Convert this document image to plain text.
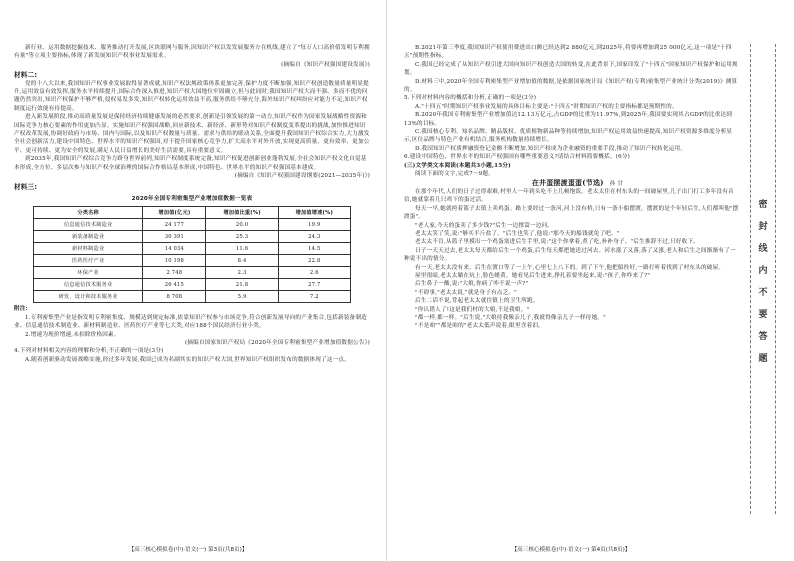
新行业、运用数据挖掘技术、服务推动打开发展,区块联网与服务,因知识产权以发发展服务方在机线,建立了"每万人口高价值发明专利拥有量"等立项主要指标,体现了新发展知识产权事业发展需求。

(摘编自《知识产权强国建设发展》)

材料二:

党的十八大以来,我国知识产权事业发展取得显著成就,知识产权法规政策体系更加完善,保护力度不断加强,知识产权创造数量质量明显提升,运用效益有效发挥,服务水平持续提升,国际合作深入推进,知识产权大国地位牢固确立,但与此同时,我国知识产权大而不强、多而不优的问题仍然突出,知识产权保护不够严格,侵权易发多发,知识产权转化运用效益不高,服务供给不够充分,海外知识产权纠纷应对能力不足,知识产权制度运行效能有待提高。

进入新发展阶段,推动高质量发展是保持经济持续健康发展的必然要求,创新是引领发展的第一动力,知识产权作为国家发展战略性资源和国际竞争力核心要素的作用更加凸显。实施知识产权强国战略,回应新技术、新经济、新形势对知识产权制度变革提出的挑战,加快推进知识产权改革发展,协调好政府与市场、国内与国际,以及知识产权数量与质量、需求与供给的联动关系,全面提升我国知识产权综合实力,大力激发全社会创新活力,建设中国特色、世界水平的知识产权强国,对于提升国家核心竞争力,扩大高水平对外开放,实现更高质量、更有效率、更加公平、更可持续、更为安全的发展,满足人民日益增长的美好生活需要,具有重要意义。

到2035年,我国知识产权综合竞争力跻身世界前列,知识产权制度系统完备,知识产权促进创新创业蓬勃发展,全社会知识产权文化自觉基本形成,全方位、多层次参与知识产权全球治理的国际合作格局基本形成,中国特色、世界水平的知识产权强国基本建成。

(摘编自《知识产权强国建设纲要(2021—2035年)》)

材料三:

2020年全国专利密集型产业增加值数据一览表

分类名称	增加值(亿元)	增加值比重(%)	增加值增速(%)
信息通信技术制造业	24 177	20.0	19.9
新装备制造业	30 391	25.3	24.3
新材料制造业	14 034	11.6	14.5
医药医疗产业	10 198	8.4	22.8
环保产业	2 748	2.3	2.6
信息通信技术服务业	26 415	21.8	27.7
研发、设计和技术服务业	8 708	5.9	7.2

附注:

1.专利密集型产业是指发明专利密集度、规模达到规定标准,依靠知识产权参与市场竞争,符合创新发展导向的产业集合,包括新装备制造业、信息通信技术制造业、新材料制造业、医药医疗产业等七大类,对应188个国民经济行业小类。

2.增速为现价增速,未扣除价格因素。

(摘编自国家知识产权局《2020年全国专利密集型产业增加值数据公告》)

4.下列对材料相关内容的理解和分析,不正确的一项是(3分)

A.随着创新驱动发展战略实施,经过多年发展,我国已成为名副其实的知识产权大国,世界知识产权组织发布的数据体现了这一点。

【高三核心模拟卷(中)·语文(一) 第3页(共8页)】

B.2021年第三季度,我国知识产权使用费进出口额已经达到2 880亿元,到2025年,将要再增加到25 000亿元,这一项是"十四五"预期性指标。

C.我国已经完成了从知识产权引进大国向知识产权创造大国的转变,在此背景下,国家印发了"十四五"国家知识产权保护和运用规划。

D.材料三中,2020年全国专利密集型产业增加值的数据,是依据国家统计局《知识产权(专利)密集型产业统计分类(2019)》测算的。

5.下列对材料内容的概括和分析,正确的一项是(3分)

A."十四五"时期知识产权事业发展的具体目标主要是:"十四五"时期知识产权的主要指标都是预期性的。

B.2020年我国专利密集型产业增加值达12.13万亿元,占GDP的比重为11.97%,到2025年,我国要实现其占GDP的比重达到13%的目标。

C.我国核心专利、知名品牌、精品版权、优质植物新品种等持续增加,知识产权运用效益快速提高,知识产权资源多维度分析显示,区位品牌与特色产业有机结合,服务机构数量持续增长。

D.我国知识产权质押融资登记金额不断增加,知识产权成为企业融资的重要手段,推动了知识产权转化运用。

6.建设中国特色、世界水平的知识产权强国有哪些重要意义?请结合材料简要概括。(6分)

(三)文学类文本阅读(本题共3小题,15分)

阅读下面的文字,完成7～9题。

在井蛋摆渡蛋蛋(节选) 孙 甘

在那个年代,人们的日子过得艰难,村里人一年到头吃不上几顿饱饭。老太太住在村东头的一间破屋里,儿子出门打工多年没有音信,她就靠着几只鸡下的蛋过活。

每天一早,她就挎着篮子去镇上卖鸡蛋。路上要经过一条河,河上没有桥,只有一条小船摆渡。摆渡的是个年轻后生,人们都叫他"摆渡蛋"。

"老人家,今天的蛋卖了多少钱?"后生一边撑篙一边问。

老太太笑了笑,说:"够买半斤盐了。"后生也笑了,他说:"那今天的船钱就免了吧。"

老太太不肯,从篮子里摸出一个鸡蛋塞进后生手里,说:"这个你拿着,煮了吃,补补身子。"后生推辞不过,只好收下。

日子一天天过去,老太太每天都给后生一个鸡蛋,后生每天都把她送过河去。河水涨了又落,落了又涨,老人和后生之间渐渐有了一种说不出的情分。

有一天,老太太没有来。后生在渡口等了一上午,心里七上八下的。到了下午,他把船拴好,一路打听着找到了村东头的破屋。

屋里很暗,老太太躺在炕上,脸色蜡黄。她看见后生进来,挣扎着要坐起来,说:"孩子,你咋来了?"

后生鼻子一酸,说:"大娘,你病了咋不说一声?"

"不碍事,"老太太说,"就是身子有点乏。"

后生二话不说,背起老太太就往镇上的卫生所跑。

"你认错人了!这是我们村的大娘,不是我娘。"

"都一样,都一样。"后生说,"大娘待我像亲儿子,我就得像亲儿子一样待她。"

"不是咱""都是咱的"老太太低声说着,眼里含着泪。

【高三核心模拟卷(中)·语文(一) 第4页(共8页)】
密 封 线 内 不 要 答 题
